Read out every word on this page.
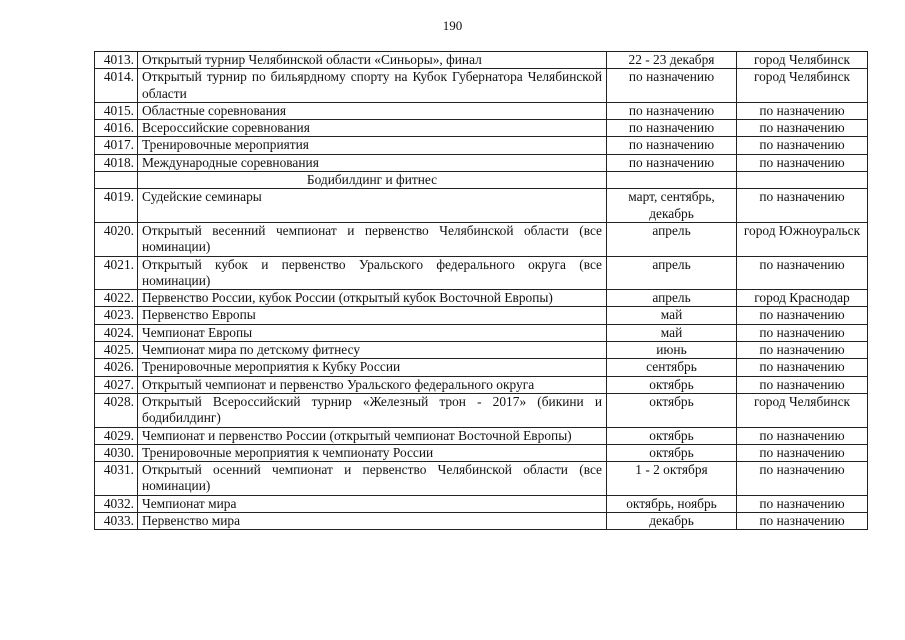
190
4013.	Открытый турнир Челябинской области «Синьоры», финал	22 - 23 декабря	город Челябинск
4014.	Открытый турнир по бильярдному спорту на Кубок Губернатора Челябинской области	по назначению	город Челябинск
4015.	Областные соревнования	по назначению	по назначению
4016.	Всероссийские соревнования	по назначению	по назначению
4017.	Тренировочные мероприятия	по назначению	по назначению
4018.	Международные соревнования	по назначению	по назначению
	Бодибилдинг и фитнес		
4019.	Судейские семинары	март, сентябрь, декабрь	по назначению
4020.	Открытый весенний чемпионат и первенство Челябинской области (все номинации)	апрель	город Южноуральск
4021.	Открытый кубок и первенство Уральского федерального округа (все номинации)	апрель	по назначению
4022.	Первенство России, кубок России (открытый кубок Восточной Европы)	апрель	город Краснодар
4023.	Первенство Европы	май	по назначению
4024.	Чемпионат Европы	май	по назначению
4025.	Чемпионат мира по детскому фитнесу	июнь	по назначению
4026.	Тренировочные мероприятия к Кубку России	сентябрь	по назначению
4027.	Открытый чемпионат и первенство Уральского федерального округа	октябрь	по назначению
4028.	Открытый Всероссийский турнир «Железный трон - 2017» (бикини и бодибилдинг)	октябрь	город Челябинск
4029.	Чемпионат и первенство России (открытый чемпионат Восточной Европы)	октябрь	по назначению
4030.	Тренировочные мероприятия к чемпионату России	октябрь	по назначению
4031.	Открытый осенний чемпионат и первенство Челябинской области (все номинации)	1 - 2 октября	по назначению
4032.	Чемпионат мира	октябрь, ноябрь	по назначению
4033.	Первенство мира	декабрь	по назначению
